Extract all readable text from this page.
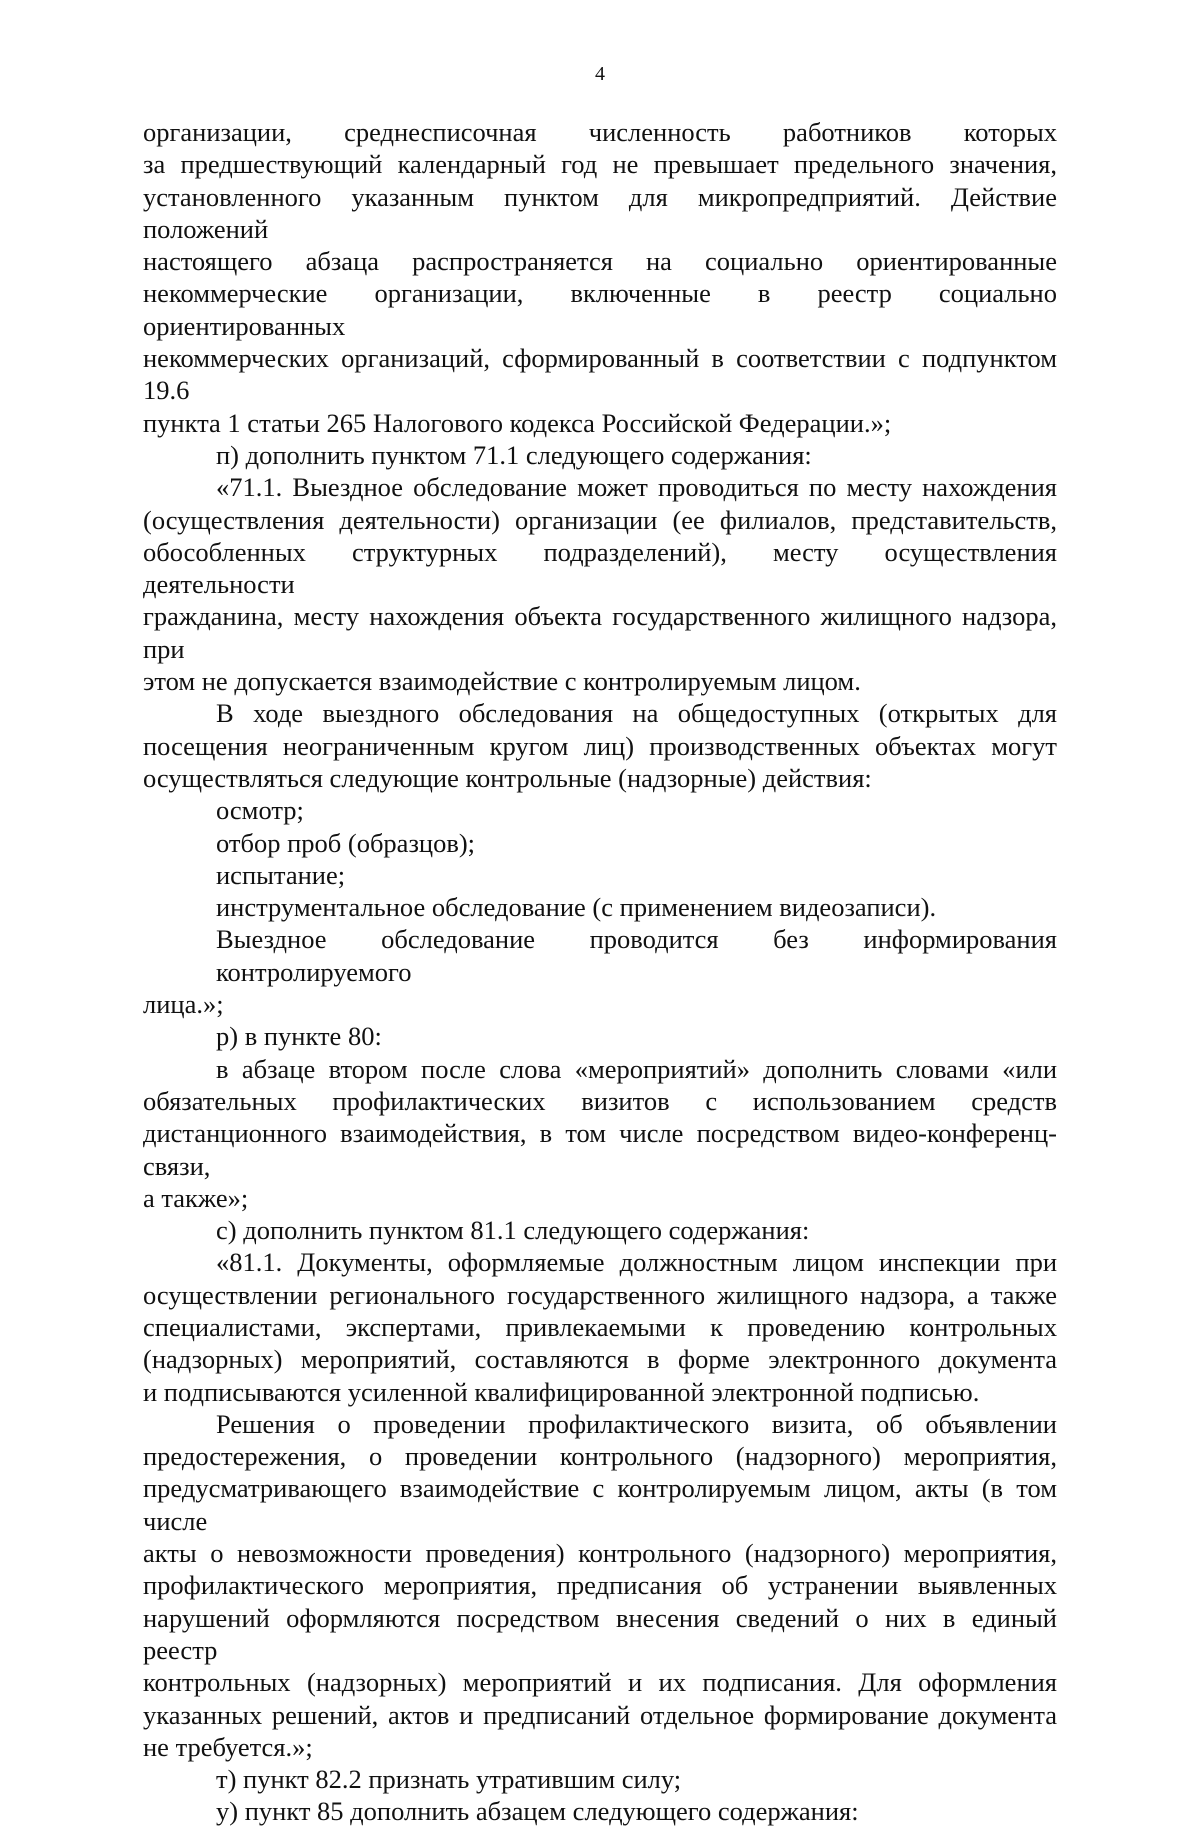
4
организации, среднесписочная численность работников которых
за предшествующий календарный год не превышает предельного значения,
установленного указанным пунктом для микропредприятий. Действие положений
настоящего абзаца распространяется на социально ориентированные
некоммерческие организации, включенные в реестр социально ориентированных
некоммерческих организаций, сформированный в соответствии с подпунктом 19.6
пункта 1 статьи 265 Налогового кодекса Российской Федерации.»;
п) дополнить пунктом 71.1 следующего содержания:
«71.1. Выездное обследование может проводиться по месту нахождения
(осуществления деятельности) организации (ее филиалов, представительств,
обособленных структурных подразделений), месту осуществления деятельности
гражданина, месту нахождения объекта государственного жилищного надзора, при
этом не допускается взаимодействие с контролируемым лицом.
В ходе выездного обследования на общедоступных (открытых для
посещения неограниченным кругом лиц) производственных объектах могут
осуществляться следующие контрольные (надзорные) действия:
осмотр;
отбор проб (образцов);
испытание;
инструментальное обследование (с применением видеозаписи).
Выездное обследование проводится без информирования контролируемого
лица.»;
р) в пункте 80:
в абзаце втором после слова «мероприятий» дополнить словами «или
обязательных профилактических визитов с использованием средств
дистанционного взаимодействия, в том числе посредством видео-конференц-связи,
а также»;
с) дополнить пунктом 81.1 следующего содержания:
«81.1. Документы, оформляемые должностным лицом инспекции при
осуществлении регионального государственного жилищного надзора, а также
специалистами, экспертами, привлекаемыми к проведению контрольных
(надзорных) мероприятий, составляются в форме электронного документа
и подписываются усиленной квалифицированной электронной подписью.
Решения о проведении профилактического визита, об объявлении
предостережения, о проведении контрольного (надзорного) мероприятия,
предусматривающего взаимодействие с контролируемым лицом, акты (в том числе
акты о невозможности проведения) контрольного (надзорного) мероприятия,
профилактического мероприятия, предписания об устранении выявленных
нарушений оформляются посредством внесения сведений о них в единый реестр
контрольных (надзорных) мероприятий и их подписания. Для оформления
указанных решений, актов и предписаний отдельное формирование документа
не требуется.»;
т) пункт 82.2 признать утратившим силу;
у) пункт 85 дополнить абзацем следующего содержания:
